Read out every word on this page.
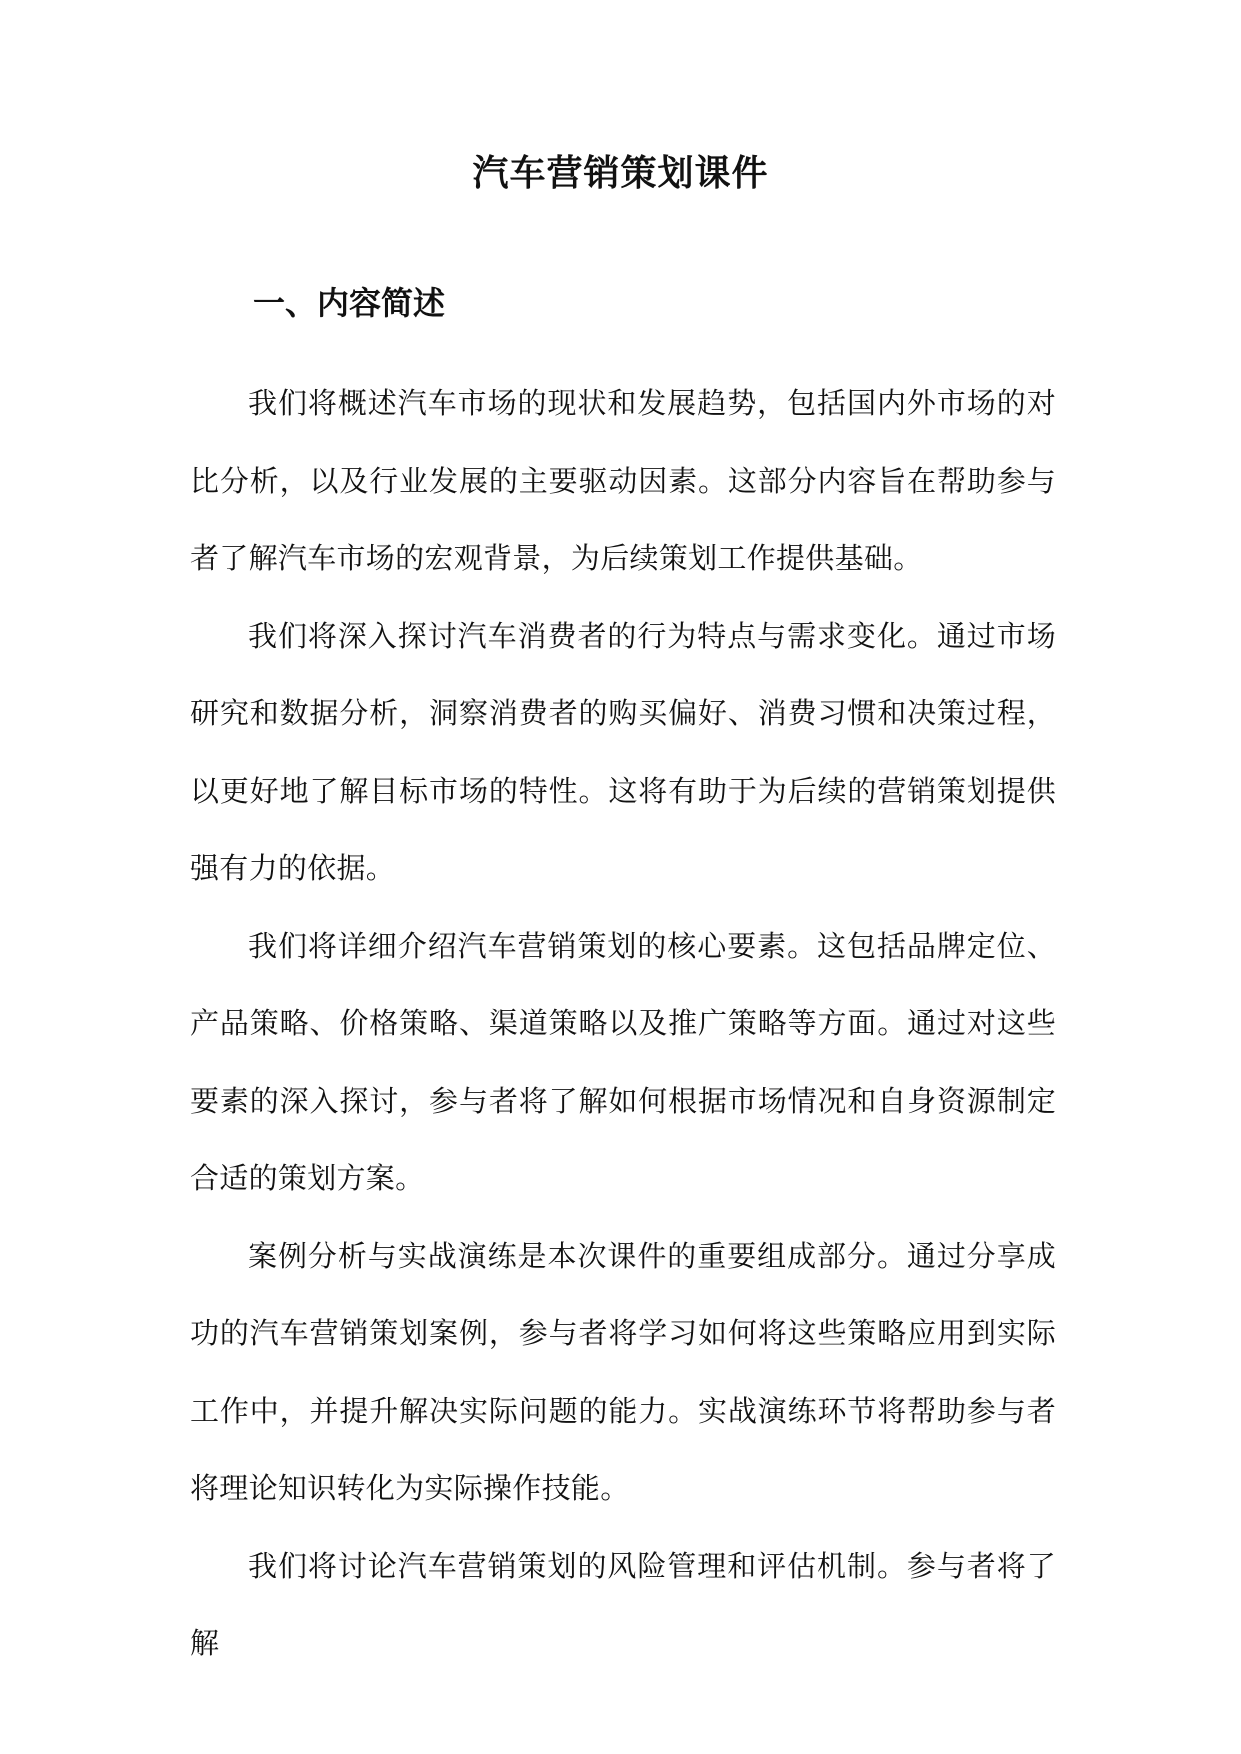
汽车营销策划课件
一、内容简述

我们将概述汽车市场的现状和发展趋势，包括国内外市场的对比分析，以及行业发展的主要驱动因素。这部分内容旨在帮助参与者了解汽车市场的宏观背景，为后续策划工作提供基础。

我们将深入探讨汽车消费者的行为特点与需求变化。通过市场研究和数据分析，洞察消费者的购买偏好、消费习惯和决策过程，以更好地了解目标市场的特性。这将有助于为后续的营销策划提供强有力的依据。

我们将详细介绍汽车营销策划的核心要素。这包括品牌定位、产品策略、价格策略、渠道策略以及推广策略等方面。通过对这些要素的深入探讨，参与者将了解如何根据市场情况和自身资源制定合适的策划方案。

案例分析与实战演练是本次课件的重要组成部分。通过分享成功的汽车营销策划案例，参与者将学习如何将这些策略应用到实际工作中，并提升解决实际问题的能力。实战演练环节将帮助参与者将理论知识转化为实际操作技能。

我们将讨论汽车营销策划的风险管理和评估机制。参与者将了解
